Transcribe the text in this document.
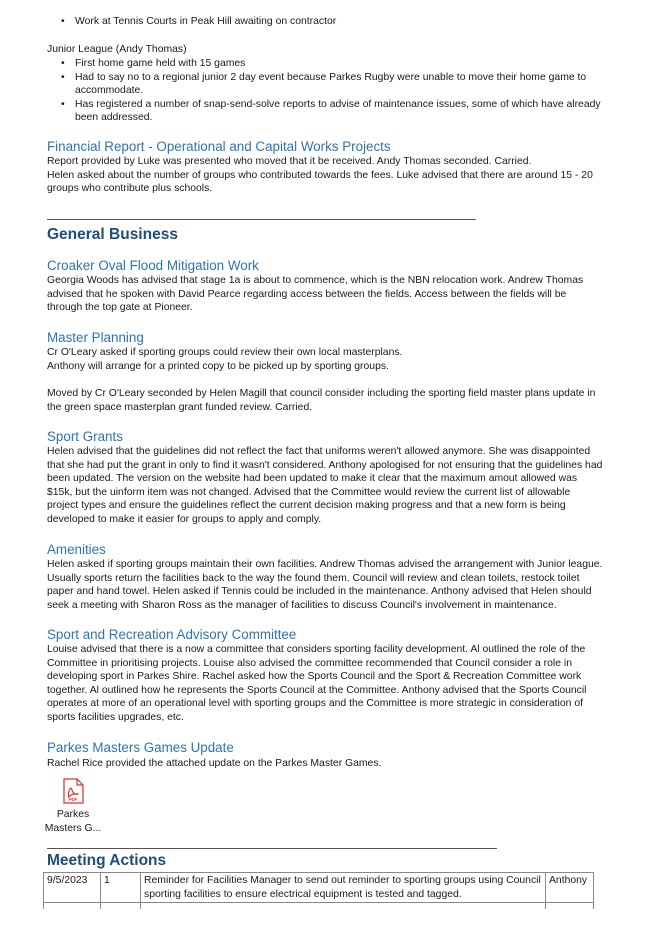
• Work at Tennis Courts in Peak Hill awaiting on contractor

Junior League (Andy Thomas)

• First home game held with 15 games
• Had to say no to a regional junior 2 day event because Parkes Rugby were unable to move their home game to accommodate.
• Has registered a number of snap-send-solve reports to advise of maintenance issues, some of which have already been addressed.
Financial Report - Operational and Capital Works Projects

Report provided by Luke was presented who moved that it be received. Andy Thomas seconded. Carried.

Helen asked about the number of groups who contributed towards the fees. Luke advised that there are around 15 - 20 groups who contribute plus schools.

General Business
Croaker Oval Flood Mitigation Work

Georgia Woods has advised that stage 1a is about to commence, which is the NBN relocation work. Andrew Thomas advised that he spoken with David Pearce regarding access between the fields. Access between the fields will be through the top gate at Pioneer.

Master Planning

Cr O'Leary asked if sporting groups could review their own local masterplans.

Anthony will arrange for a printed copy to be picked up by sporting groups.

Moved by Cr O'Leary seconded by Helen Magill that council consider including the sporting field master plans update in the green space masterplan grant funded review. Carried.

Sport Grants

Helen advised that the guidelines did not reflect the fact that uniforms weren't allowed anymore. She was disappointed that she had put the grant in only to find it wasn't considered. Anthony apologised for not ensuring that the guidelines had been updated. The version on the website had been updated to make it clear that the maximum amout allowed was $15k, but the uinform item was not changed. Advised that the Committee would review the current list of allowable project types and ensure the guidelines reflect the current decision making progress and that a new form is being developed to make it easier for groups to apply and comply.

Amenities

Helen asked if sporting groups maintain their own facilities. Andrew Thomas advised the arrangement with Junior league. Usually sports return the facilities back to the way the found them. Council will review and clean toilets, restock toilet paper and hand towel. Helen asked if Tennis could be included in the maintenance. Anthony advised that Helen should seek a meeting with Sharon Ross as the manager of facilities to discuss Council's involvement in maintenance.

Sport and Recreation Advisory Committee

Louise advised that there is a now a committee that considers sporting facility development. Al outlined the role of the Committee in prioritising projects. Louise also advised the committee recommended that Council consider a role in developing sport in Parkes Shire. Rachel asked how the Sports Council and the Sport & Recreation Committee work together. Al outlined how he represents the Sports Council at the Committee. Anthony advised that the Sports Council operates at more of an operational level with sporting groups and the Committee is more strategic in consideration of sports facilities upgrades, etc.

Parkes Masters Games Update

Rachel Rice provided the attached update on the Parkes Master Games.

PDF
Parkes
Masters G...
Meeting Actions
9/5/2023	1	Reminder for Facilities Manager to send out reminder to sporting groups using Council sporting facilities to ensure electrical equipment is tested and tagged.	Anthony
